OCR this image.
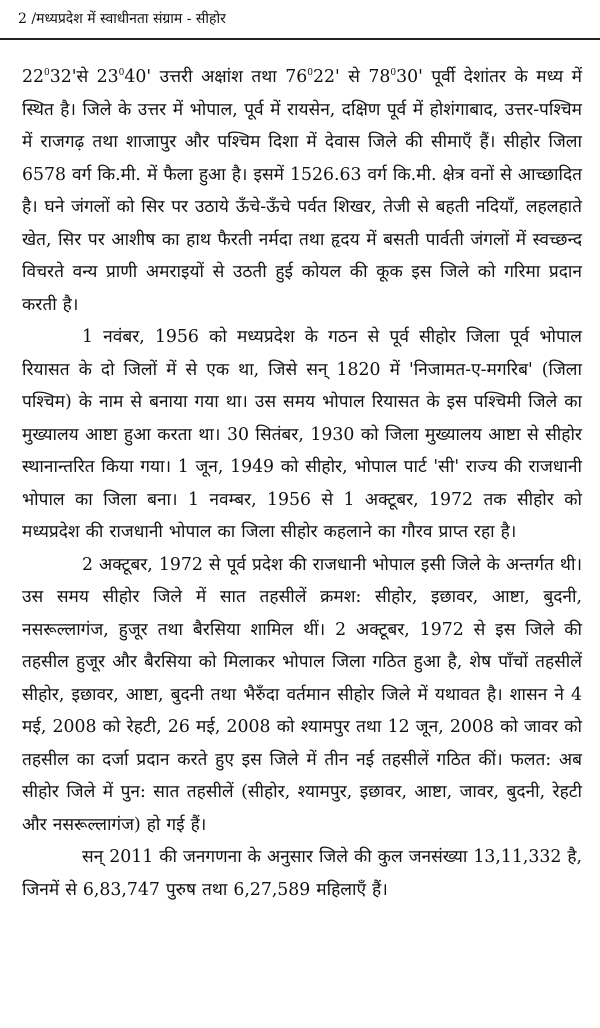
2 /मध्यप्रदेश में स्वाधीनता संग्राम - सीहोर

$22^032'से$ $23^040'$ उत्तरी अक्षांश तथा $76^022'$ से $78^030'$ पूर्वी देशांतर के मध्य में स्थित है। जिले के उत्तर में भोपाल, पूर्व में रायसेन, दक्षिण पूर्व में होशंगाबाद, उत्तर-पश्चिम में राजगढ़ तथा शाजापुर और पश्चिम दिशा में देवास जिले की सीमाएँ हैं। सीहोर जिला 6578 वर्ग कि.मी. में फैला हुआ है। इसमें 1526.63 वर्ग कि.मी. क्षेत्र वनों से आच्छादित है। घने जंगलों को सिर पर उठाये ऊँचे-ऊँचे पर्वत शिखर, तेजी से बहती नदियाँ, लहलहाते खेत, सिर पर आशीष का हाथ फैरती नर्मदा तथा हृदय में बसती पार्वती जंगलों में स्वच्छन्द विचरते वन्य प्राणी अमराइयों से उठती हुई कोयल की कूक इस जिले को गरिमा प्रदान करती है।

1 नवंबर, 1956 को मध्यप्रदेश के गठन से पूर्व सीहोर जिला पूर्व भोपाल रियासत के दो जिलों में से एक था, जिसे सन् 1820 में 'निजामत-ए-मगरिब' (जिला पश्चिम) के नाम से बनाया गया था। उस समय भोपाल रियासत के इस पश्चिमी जिले का मुख्यालय आष्टा हुआ करता था। 30 सितंबर, 1930 को जिला मुख्यालय आष्टा से सीहोर स्थानान्तरित किया गया। 1 जून, 1949 को सीहोर, भोपाल पार्ट 'सी' राज्य की राजधानी भोपाल का जिला बना। 1 नवम्बर, 1956 से 1 अक्टूबर, 1972 तक सीहोर को मध्यप्रदेश की राजधानी भोपाल का जिला सीहोर कहलाने का गौरव प्राप्त रहा है।

2 अक्टूबर, 1972 से पूर्व प्रदेश की राजधानी भोपाल इसी जिले के अन्तर्गत थी। उस समय सीहोर जिले में सात तहसीलें क्रमश: सीहोर, इछावर, आष्टा, बुदनी, नसरूल्लागंज, हुजूर तथा बैरसिया शामिल थीं। 2 अक्टूबर, 1972 से इस जिले की तहसील हुजूर और बैरसिया को मिलाकर भोपाल जिला गठित हुआ है, शेष पाँचों तहसीलें सीहोर, इछावर, आष्टा, बुदनी तथा भैरुँदा वर्तमान सीहोर जिले में यथावत है। शासन ने 4 मई, 2008 को रेहटी, 26 मई, 2008 को श्यामपुर तथा 12 जून, 2008 को जावर को तहसील का दर्जा प्रदान करते हुए इस जिले में तीन नई तहसीलें गठित कीं। फलत: अब सीहोर जिले में पुन: सात तहसीलें (सीहोर, श्यामपुर, इछावर, आष्टा, जावर, बुदनी, रेहटी और नसरूल्लागंज) हो गई हैं।

सन् 2011 की जनगणना के अनुसार जिले की कुल जनसंख्या 13,11,332 है, जिनमें से 6,83,747 पुरुष तथा 6,27,589 महिलाएँ हैं।
